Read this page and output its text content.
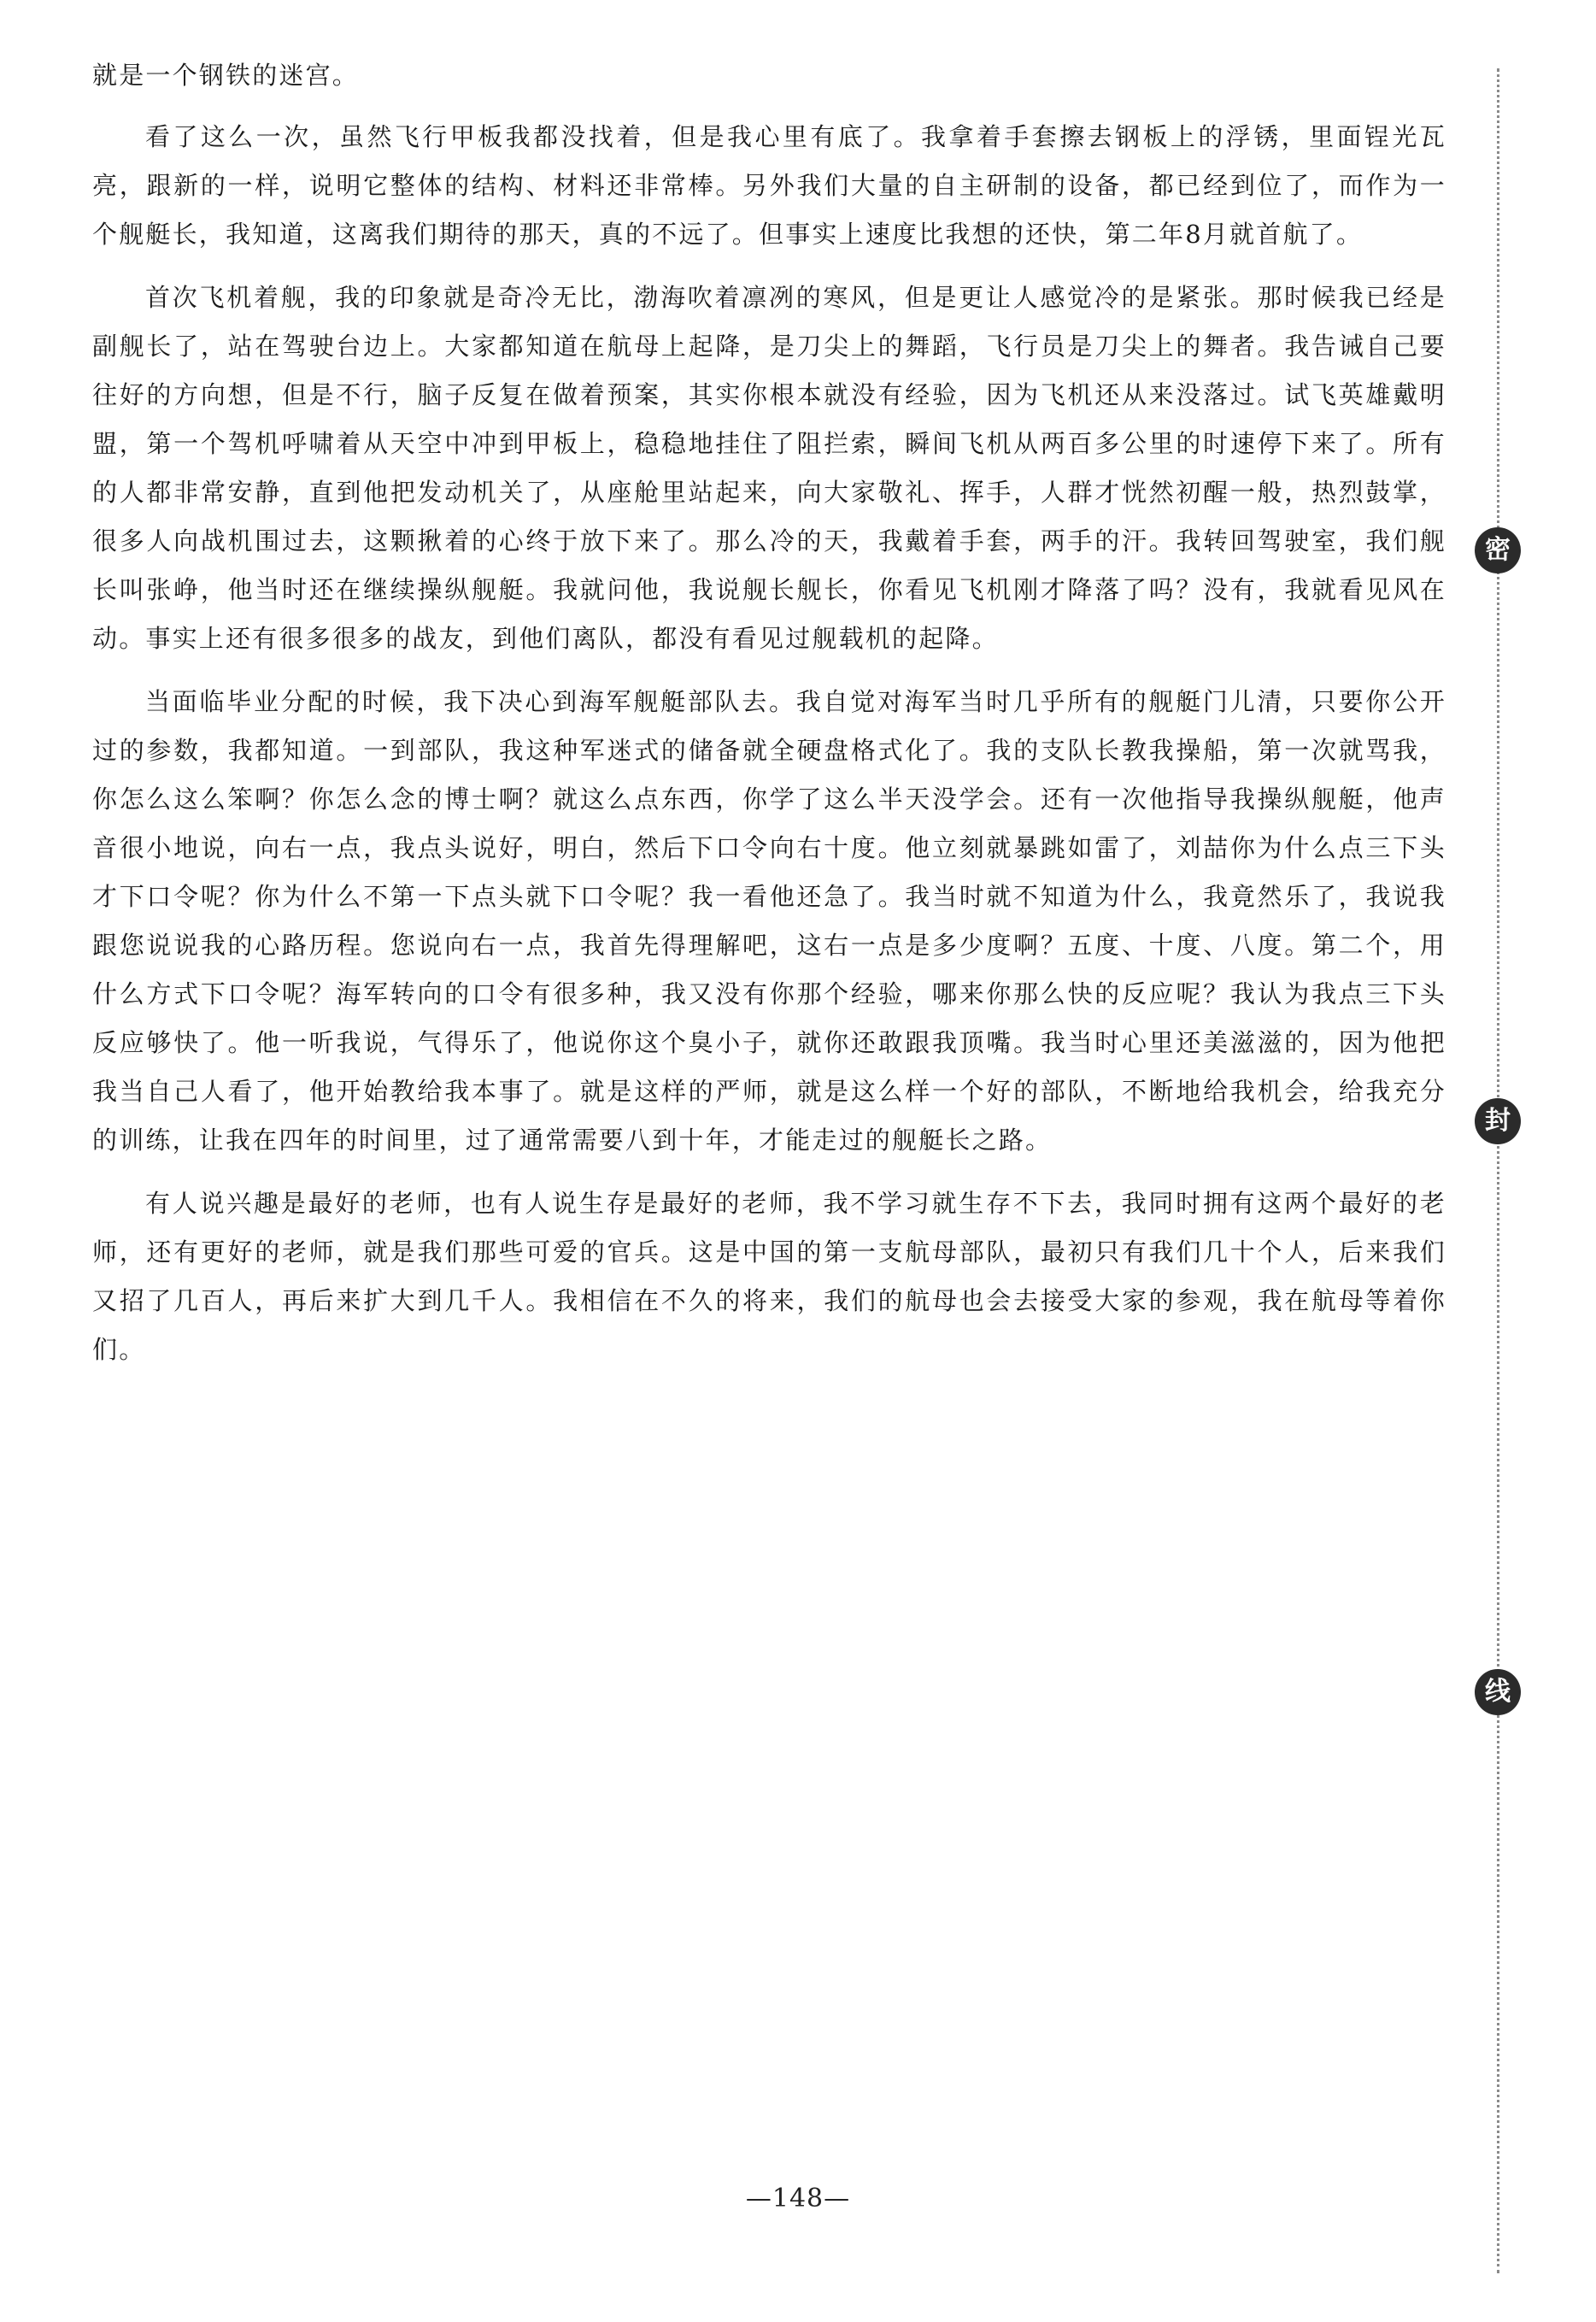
就是一个钢铁的迷宫。

看了这么一次，虽然飞行甲板我都没找着，但是我心里有底了。我拿着手套擦去钢板上的浮锈，里面锃光瓦亮，跟新的一样，说明它整体的结构、材料还非常棒。另外我们大量的自主研制的设备，都已经到位了，而作为一个舰艇长，我知道，这离我们期待的那天，真的不远了。但事实上速度比我想的还快，第二年8月就首航了。

首次飞机着舰，我的印象就是奇冷无比，渤海吹着凛冽的寒风，但是更让人感觉冷的是紧张。那时候我已经是副舰长了，站在驾驶台边上。大家都知道在航母上起降，是刀尖上的舞蹈，飞行员是刀尖上的舞者。我告诫自己要往好的方向想，但是不行，脑子反复在做着预案，其实你根本就没有经验，因为飞机还从来没落过。试飞英雄戴明盟，第一个驾机呼啸着从天空中冲到甲板上，稳稳地挂住了阻拦索，瞬间飞机从两百多公里的时速停下来了。所有的人都非常安静，直到他把发动机关了，从座舱里站起来，向大家敬礼、挥手，人群才恍然初醒一般，热烈鼓掌，很多人向战机围过去，这颗揪着的心终于放下来了。那么冷的天，我戴着手套，两手的汗。我转回驾驶室，我们舰长叫张峥，他当时还在继续操纵舰艇。我就问他，我说舰长舰长，你看见飞机刚才降落了吗？没有，我就看见风在动。事实上还有很多很多的战友，到他们离队，都没有看见过舰载机的起降。

当面临毕业分配的时候，我下决心到海军舰艇部队去。我自觉对海军当时几乎所有的舰艇门儿清，只要你公开过的参数，我都知道。一到部队，我这种军迷式的储备就全硬盘格式化了。我的支队长教我操船，第一次就骂我，你怎么这么笨啊？你怎么念的博士啊？就这么点东西，你学了这么半天没学会。还有一次他指导我操纵舰艇，他声音很小地说，向右一点，我点头说好，明白，然后下口令向右十度。他立刻就暴跳如雷了，刘喆你为什么点三下头才下口令呢？你为什么不第一下点头就下口令呢？我一看他还急了。我当时就不知道为什么，我竟然乐了，我说我跟您说说我的心路历程。您说向右一点，我首先得理解吧，这右一点是多少度啊？五度、十度、八度。第二个，用什么方式下口令呢？海军转向的口令有很多种，我又没有你那个经验，哪来你那么快的反应呢？我认为我点三下头反应够快了。他一听我说，气得乐了，他说你这个臭小子，就你还敢跟我顶嘴。我当时心里还美滋滋的，因为他把我当自己人看了，他开始教给我本事了。就是这样的严师，就是这么样一个好的部队，不断地给我机会，给我充分的训练，让我在四年的时间里，过了通常需要八到十年，才能走过的舰艇长之路。

有人说兴趣是最好的老师，也有人说生存是最好的老师，我不学习就生存不下去，我同时拥有这两个最好的老师，还有更好的老师，就是我们那些可爱的官兵。这是中国的第一支航母部队，最初只有我们几十个人，后来我们又招了几百人，再后来扩大到几千人。我相信在不久的将来，我们的航母也会去接受大家的参观，我在航母等着你们。

密
封
线
—148—
